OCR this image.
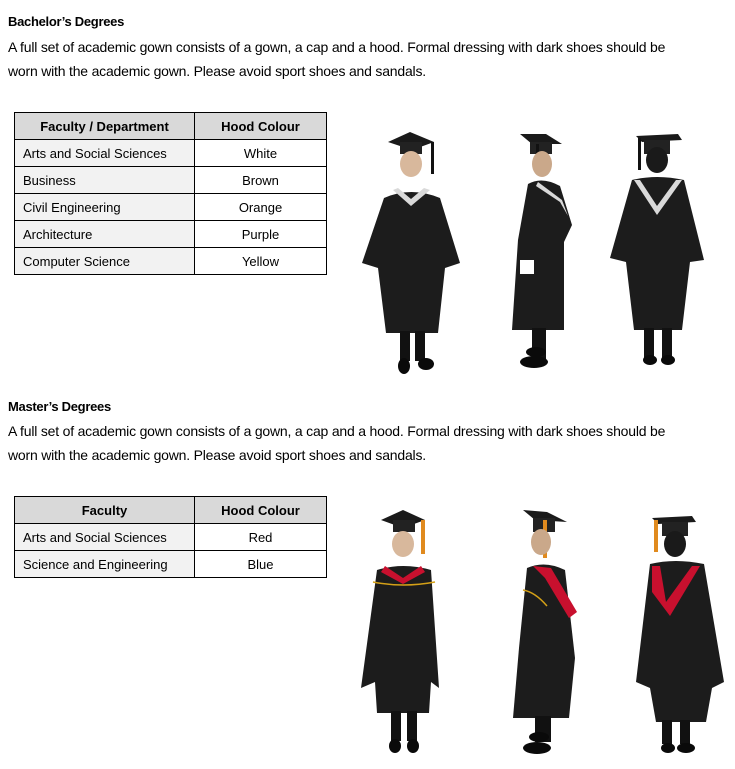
Bachelor’s Degrees
A full set of academic gown consists of a gown, a cap and a hood. Formal dressing with dark shoes should be
worn with the academic gown. Please avoid sport shoes and sandals.
Faculty / Department	Hood Colour
Arts and Social Sciences	White
Business	Brown
Civil Engineering	Orange
Architecture	Purple
Computer Science	Yellow
Master’s Degrees
A full set of academic gown consists of a gown, a cap and a hood. Formal dressing with dark shoes should be
worn with the academic gown. Please avoid sport shoes and sandals.
Faculty	Hood Colour
Arts and Social Sciences	Red
Science and Engineering	Blue
